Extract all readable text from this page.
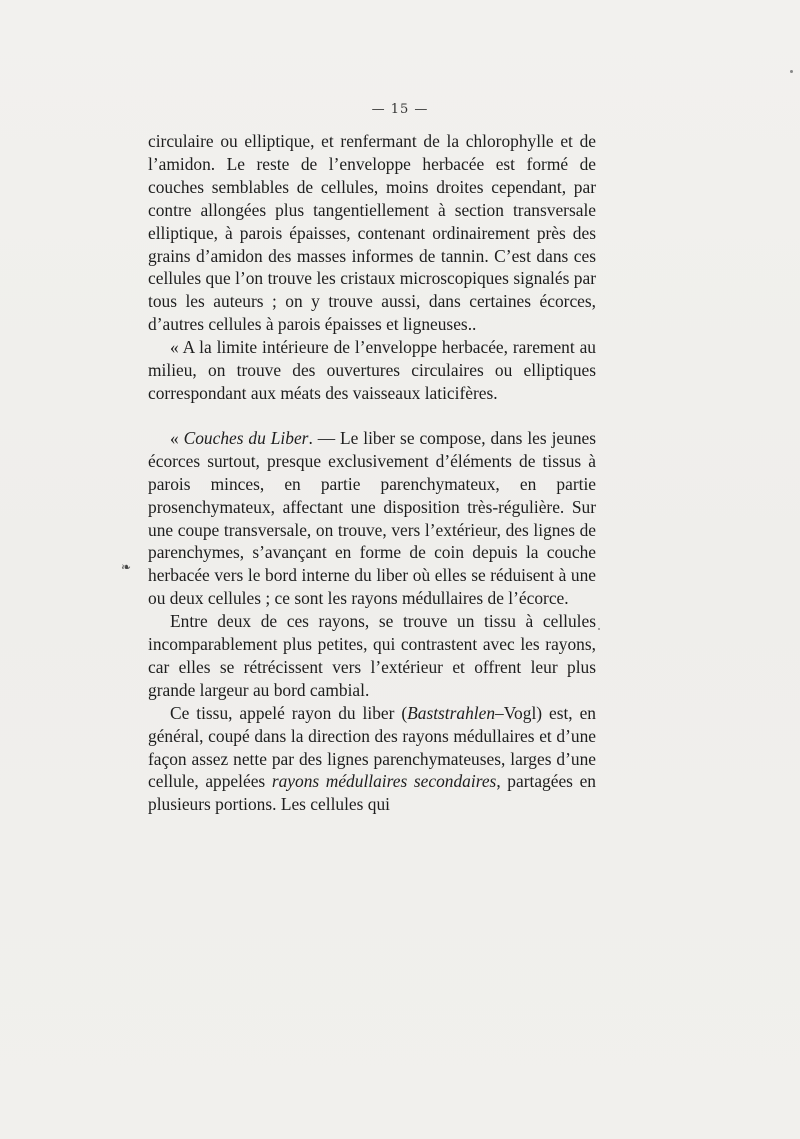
— 15 —

circulaire ou elliptique, et renfermant de la chlorophylle et de l’amidon. Le reste de l’enveloppe herbacée est formé de couches semblables de cellules, moins droites cependant, par contre allongées plus tangentiellement à section transversale elliptique, à parois épaisses, contenant ordinairement près des grains d’amidon des masses informes de tannin. C’est dans ces cellules que l’on trouve les cristaux microscopiques signalés par tous les auteurs ; on y trouve aussi, dans certaines écorces, d’autres cellules à parois épaisses et ligneuses..

« A la limite intérieure de l’enveloppe herbacée, rarement au milieu, on trouve des ouvertures circulaires ou elliptiques correspondant aux méats des vaisseaux laticifères.

« Couches du Liber. — Le liber se compose, dans les jeunes écorces surtout, presque exclusivement d’éléments de tissus à parois minces, en partie parenchymateux, en partie prosenchymateux, affectant une disposition très-régulière. Sur une coupe transversale, on trouve, vers l’extérieur, des lignes de parenchymes, s’avançant en forme de coin depuis la couche herbacée vers le bord interne du liber où elles se réduisent à une ou deux cellules ; ce sont les rayons médullaires de l’écorce.

Entre deux de ces rayons, se trouve un tissu à cellules incomparablement plus petites, qui contrastent avec les rayons, car elles se rétrécissent vers l’extérieur et offrent leur plus grande largeur au bord cambial.

Ce tissu, appelé rayon du liber (Baststrahlen–Vogl) est, en général, coupé dans la direction des rayons médullaires et d’une façon assez nette par des lignes parenchymateuses, larges d’une cellule, appelées rayons médullaires secondaires, partagées en plusieurs portions. Les cellules qui

❧
